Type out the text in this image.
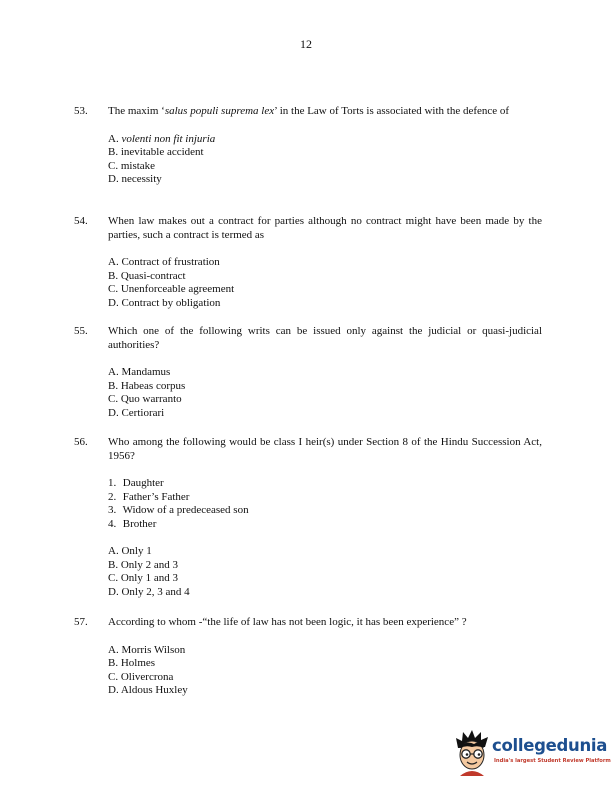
12
53.	The maxim ‘salus populi suprema lex’ in the Law of Torts is associated with the defence of
A. volenti non fit injuria
B. inevitable accident
C. mistake
D. necessity
54.	When law makes out a contract for parties although no contract might have been made by the parties, such a contract is termed as
A. Contract of frustration
B. Quasi-contract
C. Unenforceable agreement
D. Contract by obligation
55.	Which one of the following writs can be issued only against the judicial or quasi-judicial authorities?
A. Mandamus
B. Habeas corpus
C. Quo warranto
D. Certiorari
56.	Who among the following would be class I heir(s) under Section 8 of the Hindu Succession Act, 1956?
1. Daughter
2. Father’s Father
3. Widow of a predeceased son
4. Brother
A. Only 1
B. Only 2 and 3
C. Only 1 and 3
D. Only 2, 3 and 4
57.	According to whom -“the life of law has not been logic, it has been experience” ?
A. Morris Wilson
B. Holmes
C. Olivercrona
D. Aldous Huxley
collegedunia
India's largest Student Review Platform
